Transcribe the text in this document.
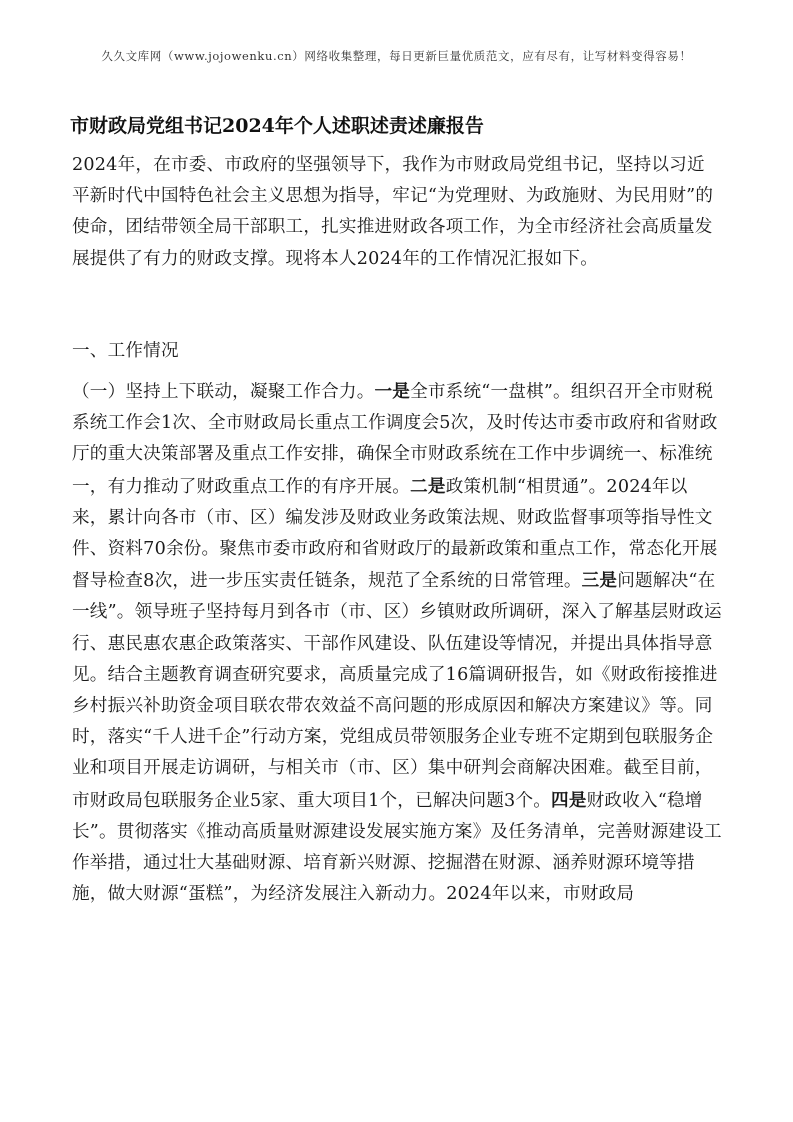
久久文库网（www.jojowenku.cn）网络收集整理，每日更新巨量优质范文，应有尽有，让写材料变得容易！
市财政局党组书记2024年个人述职述责述廉报告

2024年，在市委、市政府的坚强领导下，我作为市财政局党组书记，坚持以习近平新时代中国特色社会主义思想为指导，牢记“为党理财、为政施财、为民用财”的使命，团结带领全局干部职工，扎实推进财政各项工作，为全市经济社会高质量发展提供了有力的财政支撑。现将本人2024年的工作情况汇报如下。

一、工作情况

（一）坚持上下联动，凝聚工作合力。一是全市系统“一盘棋”。组织召开全市财税系统工作会1次、全市财政局长重点工作调度会5次，及时传达市委市政府和省财政厅的重大决策部署及重点工作安排，确保全市财政系统在工作中步调统一、标准统一，有力推动了财政重点工作的有序开展。二是政策机制“相贯通”。2024年以来，累计向各市（市、区）编发涉及财政业务政策法规、财政监督事项等指导性文件、资料70余份。聚焦市委市政府和省财政厅的最新政策和重点工作，常态化开展督导检查8次，进一步压实责任链条，规范了全系统的日常管理。三是问题解决“在一线”。领导班子坚持每月到各市（市、区）乡镇财政所调研，深入了解基层财政运行、惠民惠农惠企政策落实、干部作风建设、队伍建设等情况，并提出具体指导意见。结合主题教育调查研究要求，高质量完成了16篇调研报告，如《财政衔接推进乡村振兴补助资金项目联农带农效益不高问题的形成原因和解决方案建议》等。同时，落实“千人进千企”行动方案，党组成员带领服务企业专班不定期到包联服务企业和项目开展走访调研，与相关市（市、区）集中研判会商解决困难。截至目前，市财政局包联服务企业5家、重大项目1个，已解决问题3个。四是财政收入“稳增长”。贯彻落实《推动高质量财源建设发展实施方案》及任务清单，完善财源建设工作举措，通过壮大基础财源、培育新兴财源、挖掘潜在财源、涵养财源环境等措施，做大财源“蛋糕”，为经济发展注入新动力。2024年以来，市财政局
